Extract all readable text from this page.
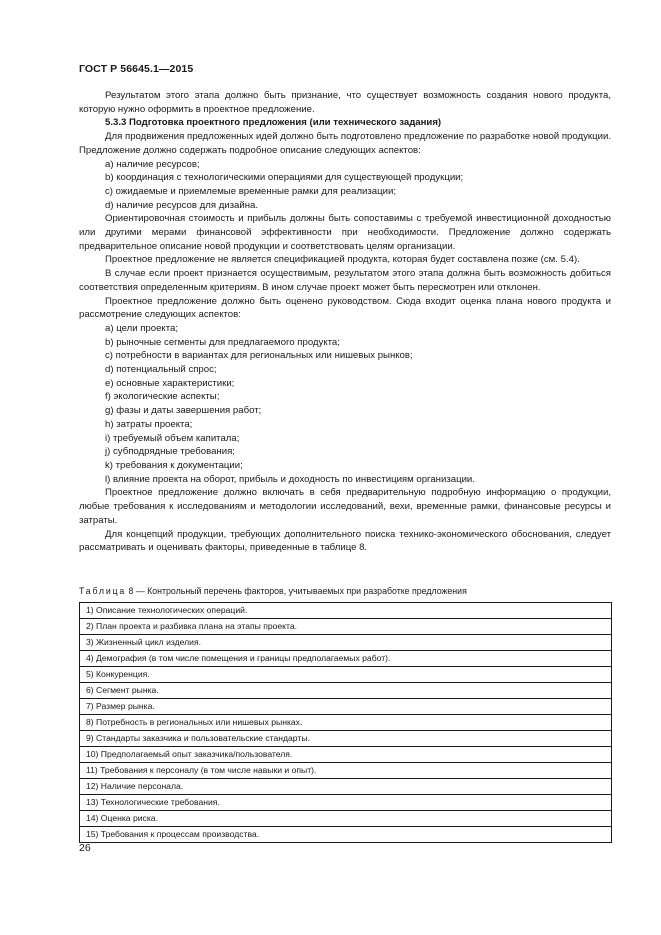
ГОСТ Р 56645.1—2015

Результатом этого этапа должно быть признание, что существует возможность создания нового продукта, которую нужно оформить в проектное предложение.

5.3.3 Подготовка проектного предложения (или технического задания)

Для продвижения предложенных идей должно быть подготовлено предложение по разработке новой продукции. Предложение должно содержать подробное описание следующих аспектов:

а) наличие ресурсов;

b) координация с технологическими операциями для существующей продукции;

c) ожидаемые и приемлемые временные рамки для реализации;

d) наличие ресурсов для дизайна.

Ориентировочная стоимость и прибыль должны быть сопоставимы с требуемой инвестиционной доходностью или другими мерами финансовой эффективности при необходимости. Предложение должно содержать предварительное описание новой продукции и соответствовать целям организации.

Проектное предложение не является спецификацией продукта, которая будет составлена позже (см. 5.4).

В случае если проект признается осуществимым, результатом этого этапа должна быть возможность добиться соответствия определенным критериям. В ином случае проект может быть пересмотрен или отклонен.

Проектное предложение должно быть оценено руководством. Сюда входит оценка плана нового продукта и рассмотрение следующих аспектов:

а) цели проекта;

b) рыночные сегменты для предлагаемого продукта;

c) потребности в вариантах для региональных или нишевых рынков;

d) потенциальный спрос;

e) основные характеристики;

f) экологические аспекты;

g) фазы и даты завершения работ;

h) затраты проекта;

i) требуемый объем капитала;

j) субподрядные требования;

k) требования к документации;

l) влияние проекта на оборот, прибыль и доходность по инвестициям организации.

Проектное предложение должно включать в себя предварительную подробную информацию о продукции, любые требования к исследованиям и методологии исследований, вехи, временные рамки, финансовые ресурсы и затраты.

Для концепций продукции, требующих дополнительного поиска технико-экономического обоснования, следует рассматривать и оценивать факторы, приведенные в таблице 8.

Таблица 8 — Контрольный перечень факторов, учитываемых при разработке предложения
1) Описание технологических операций.
2) План проекта и разбивка плана на этапы проекта.
3) Жизненный цикл изделия.
4) Демография (в том числе помещения и границы предполагаемых работ).
5) Конкуренция.
6) Сегмент рынка.
7) Размер рынка.
8) Потребность в региональных или нишевых рынках.
9) Стандарты заказчика и пользовательские стандарты.
10) Предполагаемый опыт заказчика/пользователя.
11) Требования к персоналу (в том числе навыки и опыт).
12) Наличие персонала.
13) Технологические требования.
14) Оценка риска.
15) Требования к процессам производства.
26
